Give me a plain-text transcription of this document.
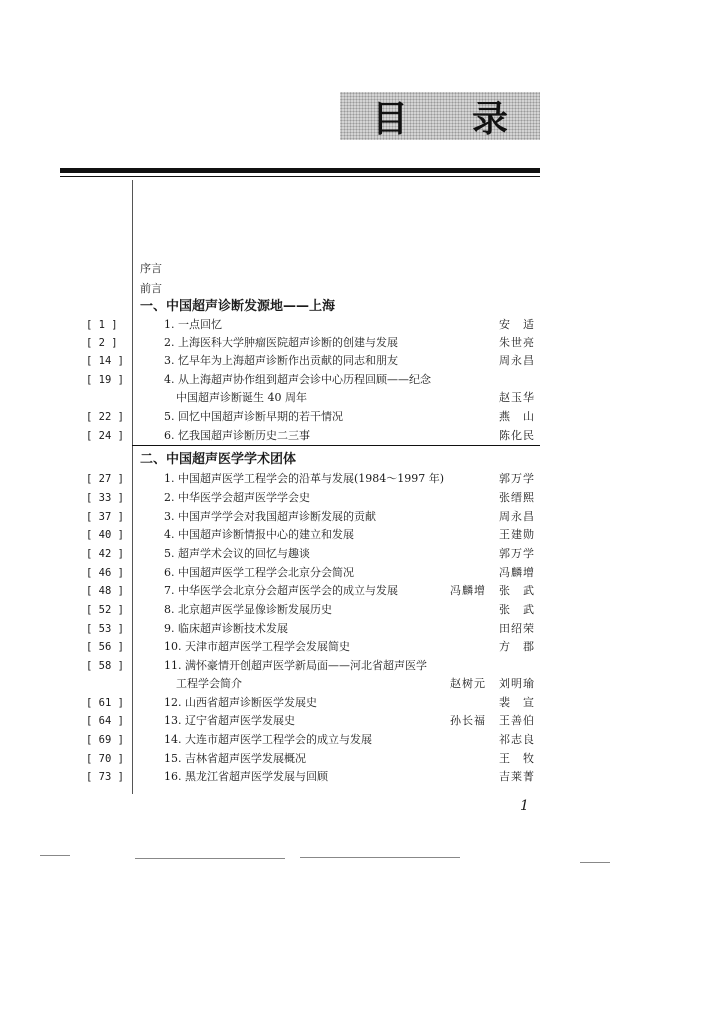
目 录
序言
前言
一、中国超声诊断发源地——上海
[ 1 ]	1. 一点回忆	安　适
[ 2 ]	2. 上海医科大学肿瘤医院超声诊断的创建与发展	朱世亮
[ 14 ]	3. 忆早年为上海超声诊断作出贡献的同志和朋友	周永昌
[ 19 ]	4. 从上海超声协作组到超声会诊中心历程回顾——纪念
中国超声诊断诞生 40 周年	赵玉华
[ 22 ]	5. 回忆中国超声诊断早期的若干情况	燕　山
[ 24 ]	6. 忆我国超声诊断历史二三事	陈化民
二、中国超声医学学术团体
[ 27 ]	1. 中国超声医学工程学会的沿革与发展(1984～1997 年)	郭万学
[ 33 ]	2. 中华医学会超声医学学会史	张缙熙
[ 37 ]	3. 中国声学学会对我国超声诊断发展的贡献	周永昌
[ 40 ]	4. 中国超声诊断情报中心的建立和发展	王建勋
[ 42 ]	5. 超声学术会议的回忆与趣谈	郭万学
[ 46 ]	6. 中国超声医学工程学会北京分会简况	冯麟增
[ 48 ]	7. 中华医学会北京分会超声医学会的成立与发展	冯麟增 张　武
[ 52 ]	8. 北京超声医学显像诊断发展历史	张　武
[ 53 ]	9. 临床超声诊断技术发展	田绍荣
[ 56 ]	10. 天津市超声医学工程学会发展简史	方　郡
[ 58 ]	11. 满怀豪情开创超声医学新局面——河北省超声医学
工程学会简介	赵树元 刘明瑜
[ 61 ]	12. 山西省超声诊断医学发展史	裴　宣
[ 64 ]	13. 辽宁省超声医学发展史	孙长福 王善伯
[ 69 ]	14. 大连市超声医学工程学会的成立与发展	祁志良
[ 70 ]	15. 吉林省超声医学发展概况	王　牧
[ 73 ]	16. 黑龙江省超声医学发展与回顾	吉莱菁
1
